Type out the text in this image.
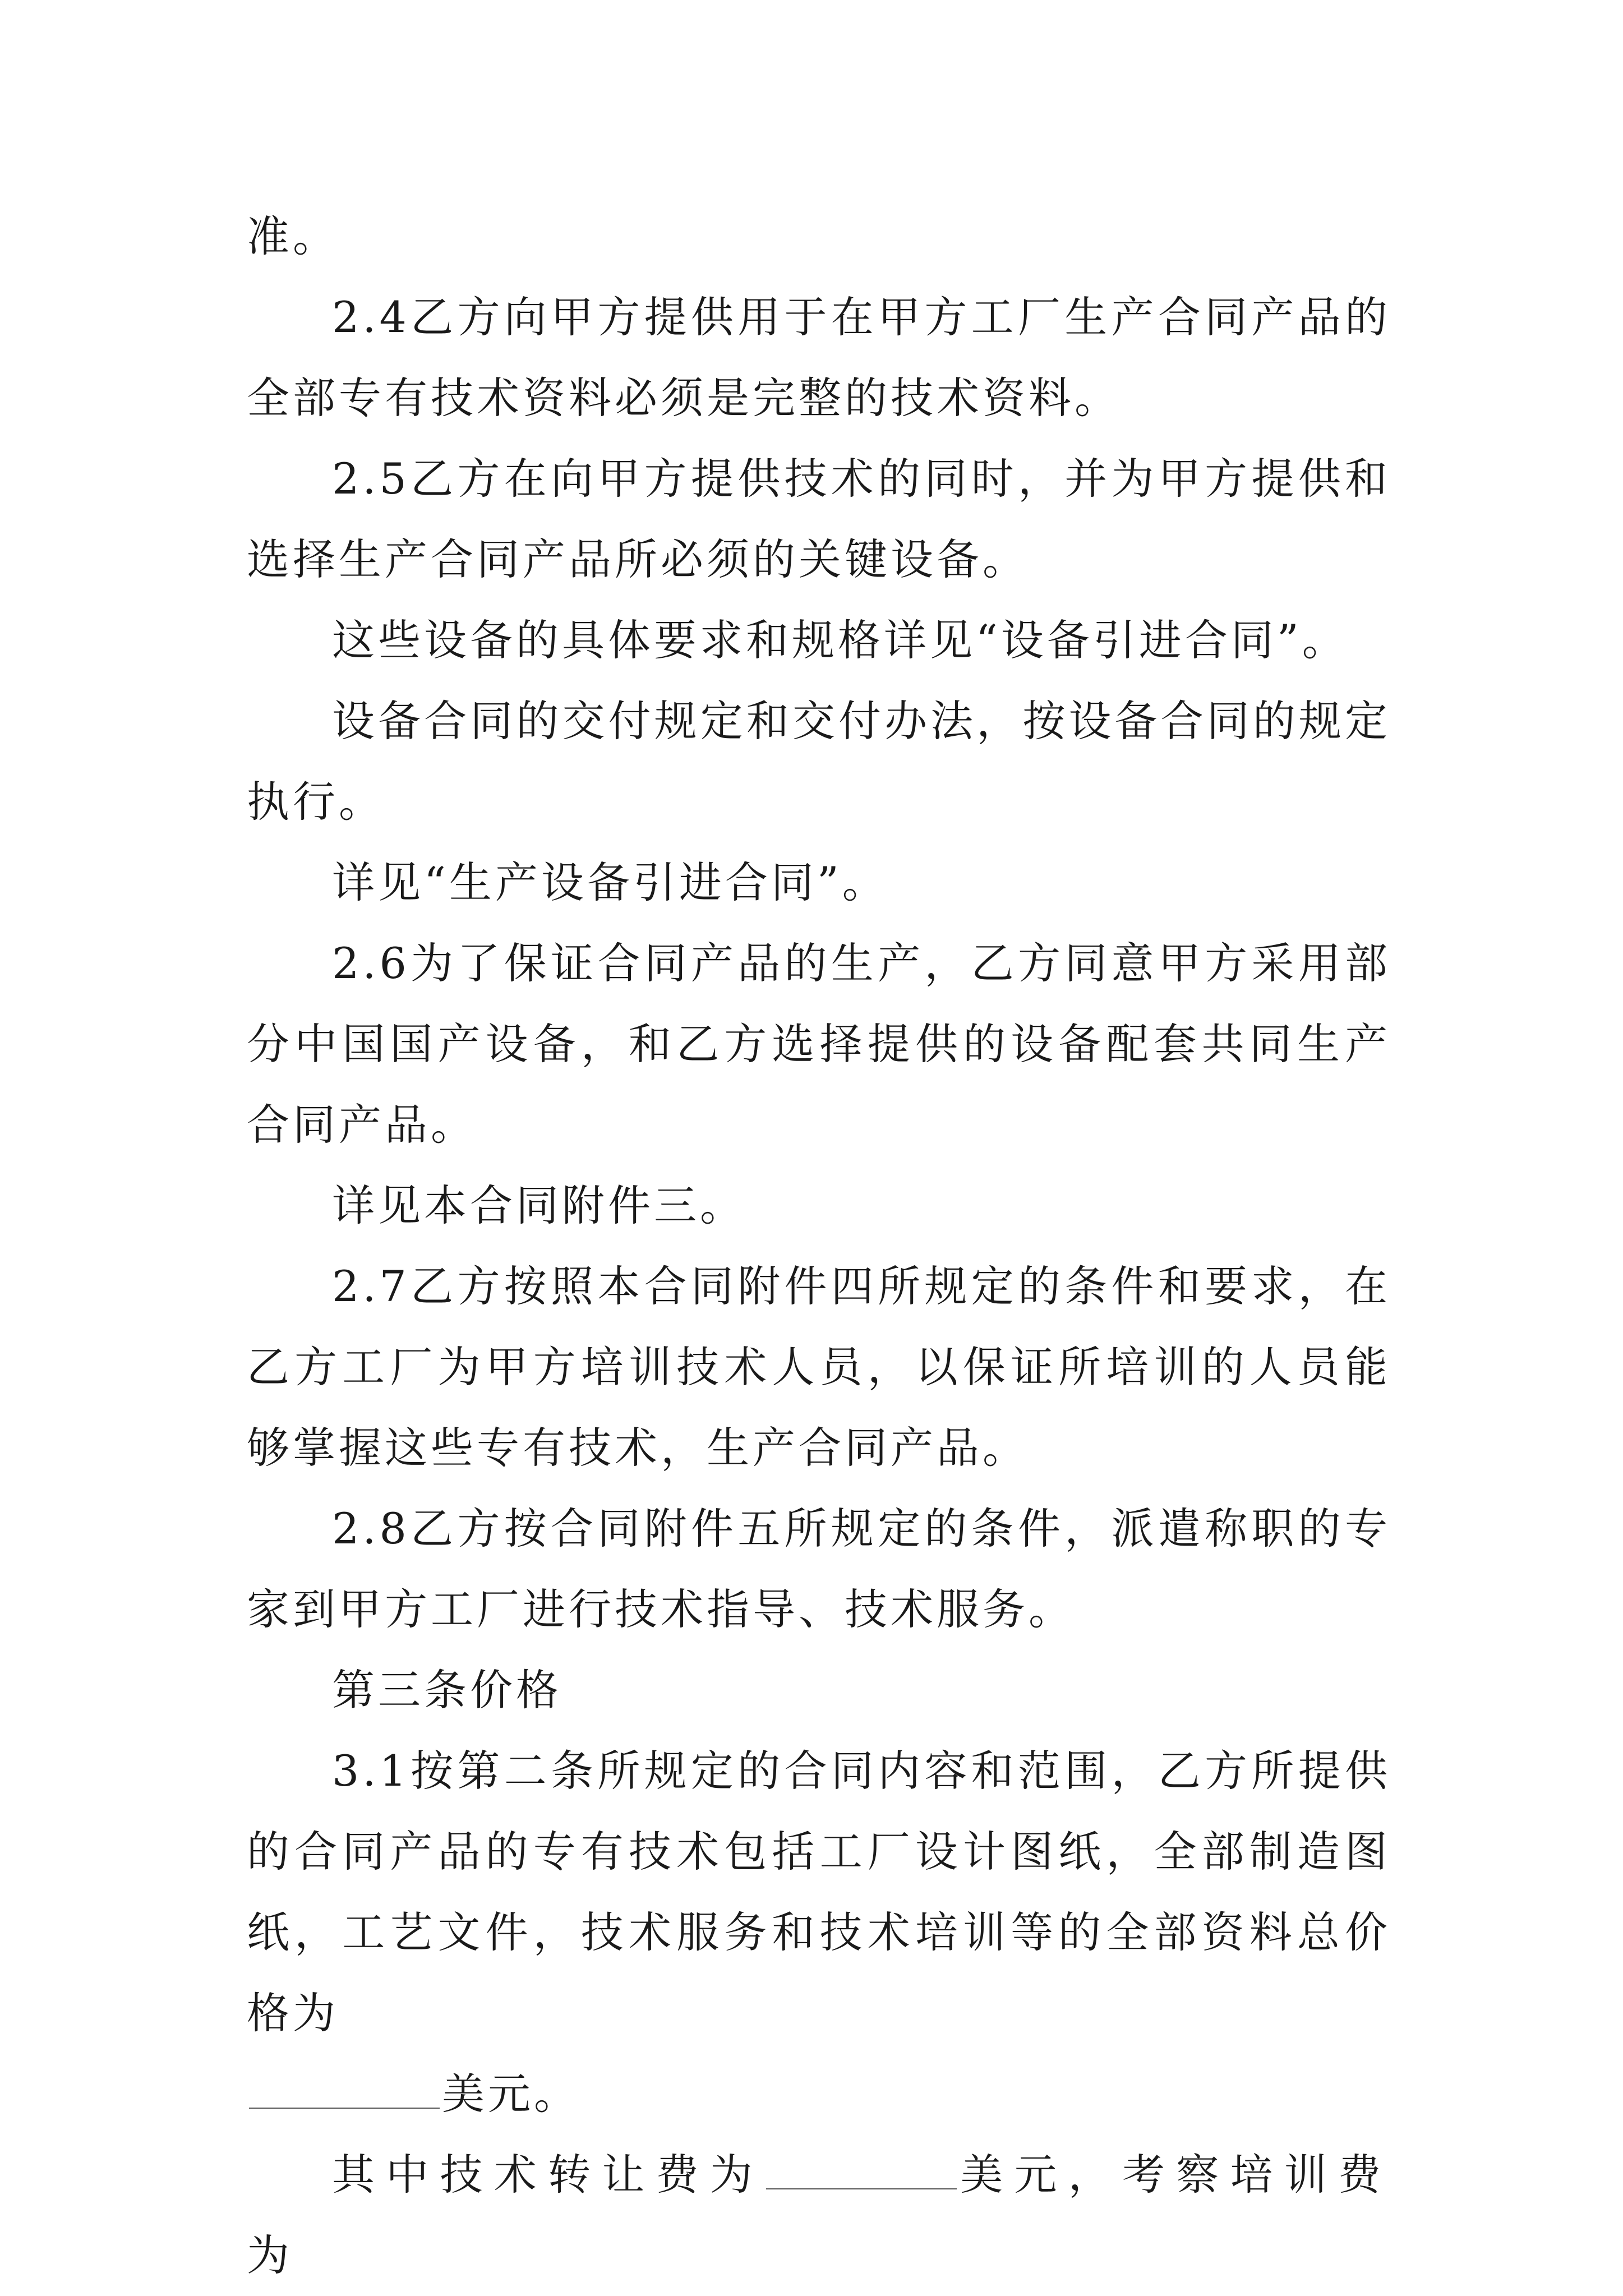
准。

2.4乙方向甲方提供用于在甲方工厂生产合同产品的全部专有技术资料必须是完整的技术资料。

2.5乙方在向甲方提供技术的同时，并为甲方提供和选择生产合同产品所必须的关键设备。

这些设备的具体要求和规格详见“设备引进合同”。

设备合同的交付规定和交付办法，按设备合同的规定执行。

详见“生产设备引进合同”。

2.6为了保证合同产品的生产，乙方同意甲方采用部分中国国产设备，和乙方选择提供的设备配套共同生产合同产品。

详见本合同附件三。

2.7乙方按照本合同附件四所规定的条件和要求，在乙方工厂为甲方培训技术人员，以保证所培训的人员能够掌握这些专有技术，生产合同产品。

2.8乙方按合同附件五所规定的条件，派遣称职的专家到甲方工厂进行技术指导、技术服务。

第三条价格

3.1按第二条所规定的合同内容和范围，乙方所提供的合同产品的专有技术包括工厂设计图纸，全部制造图纸，工艺文件，技术服务和技术培训等的全部资料总价格为

美元。

其中技术转让费为	美元，考察培训费为
